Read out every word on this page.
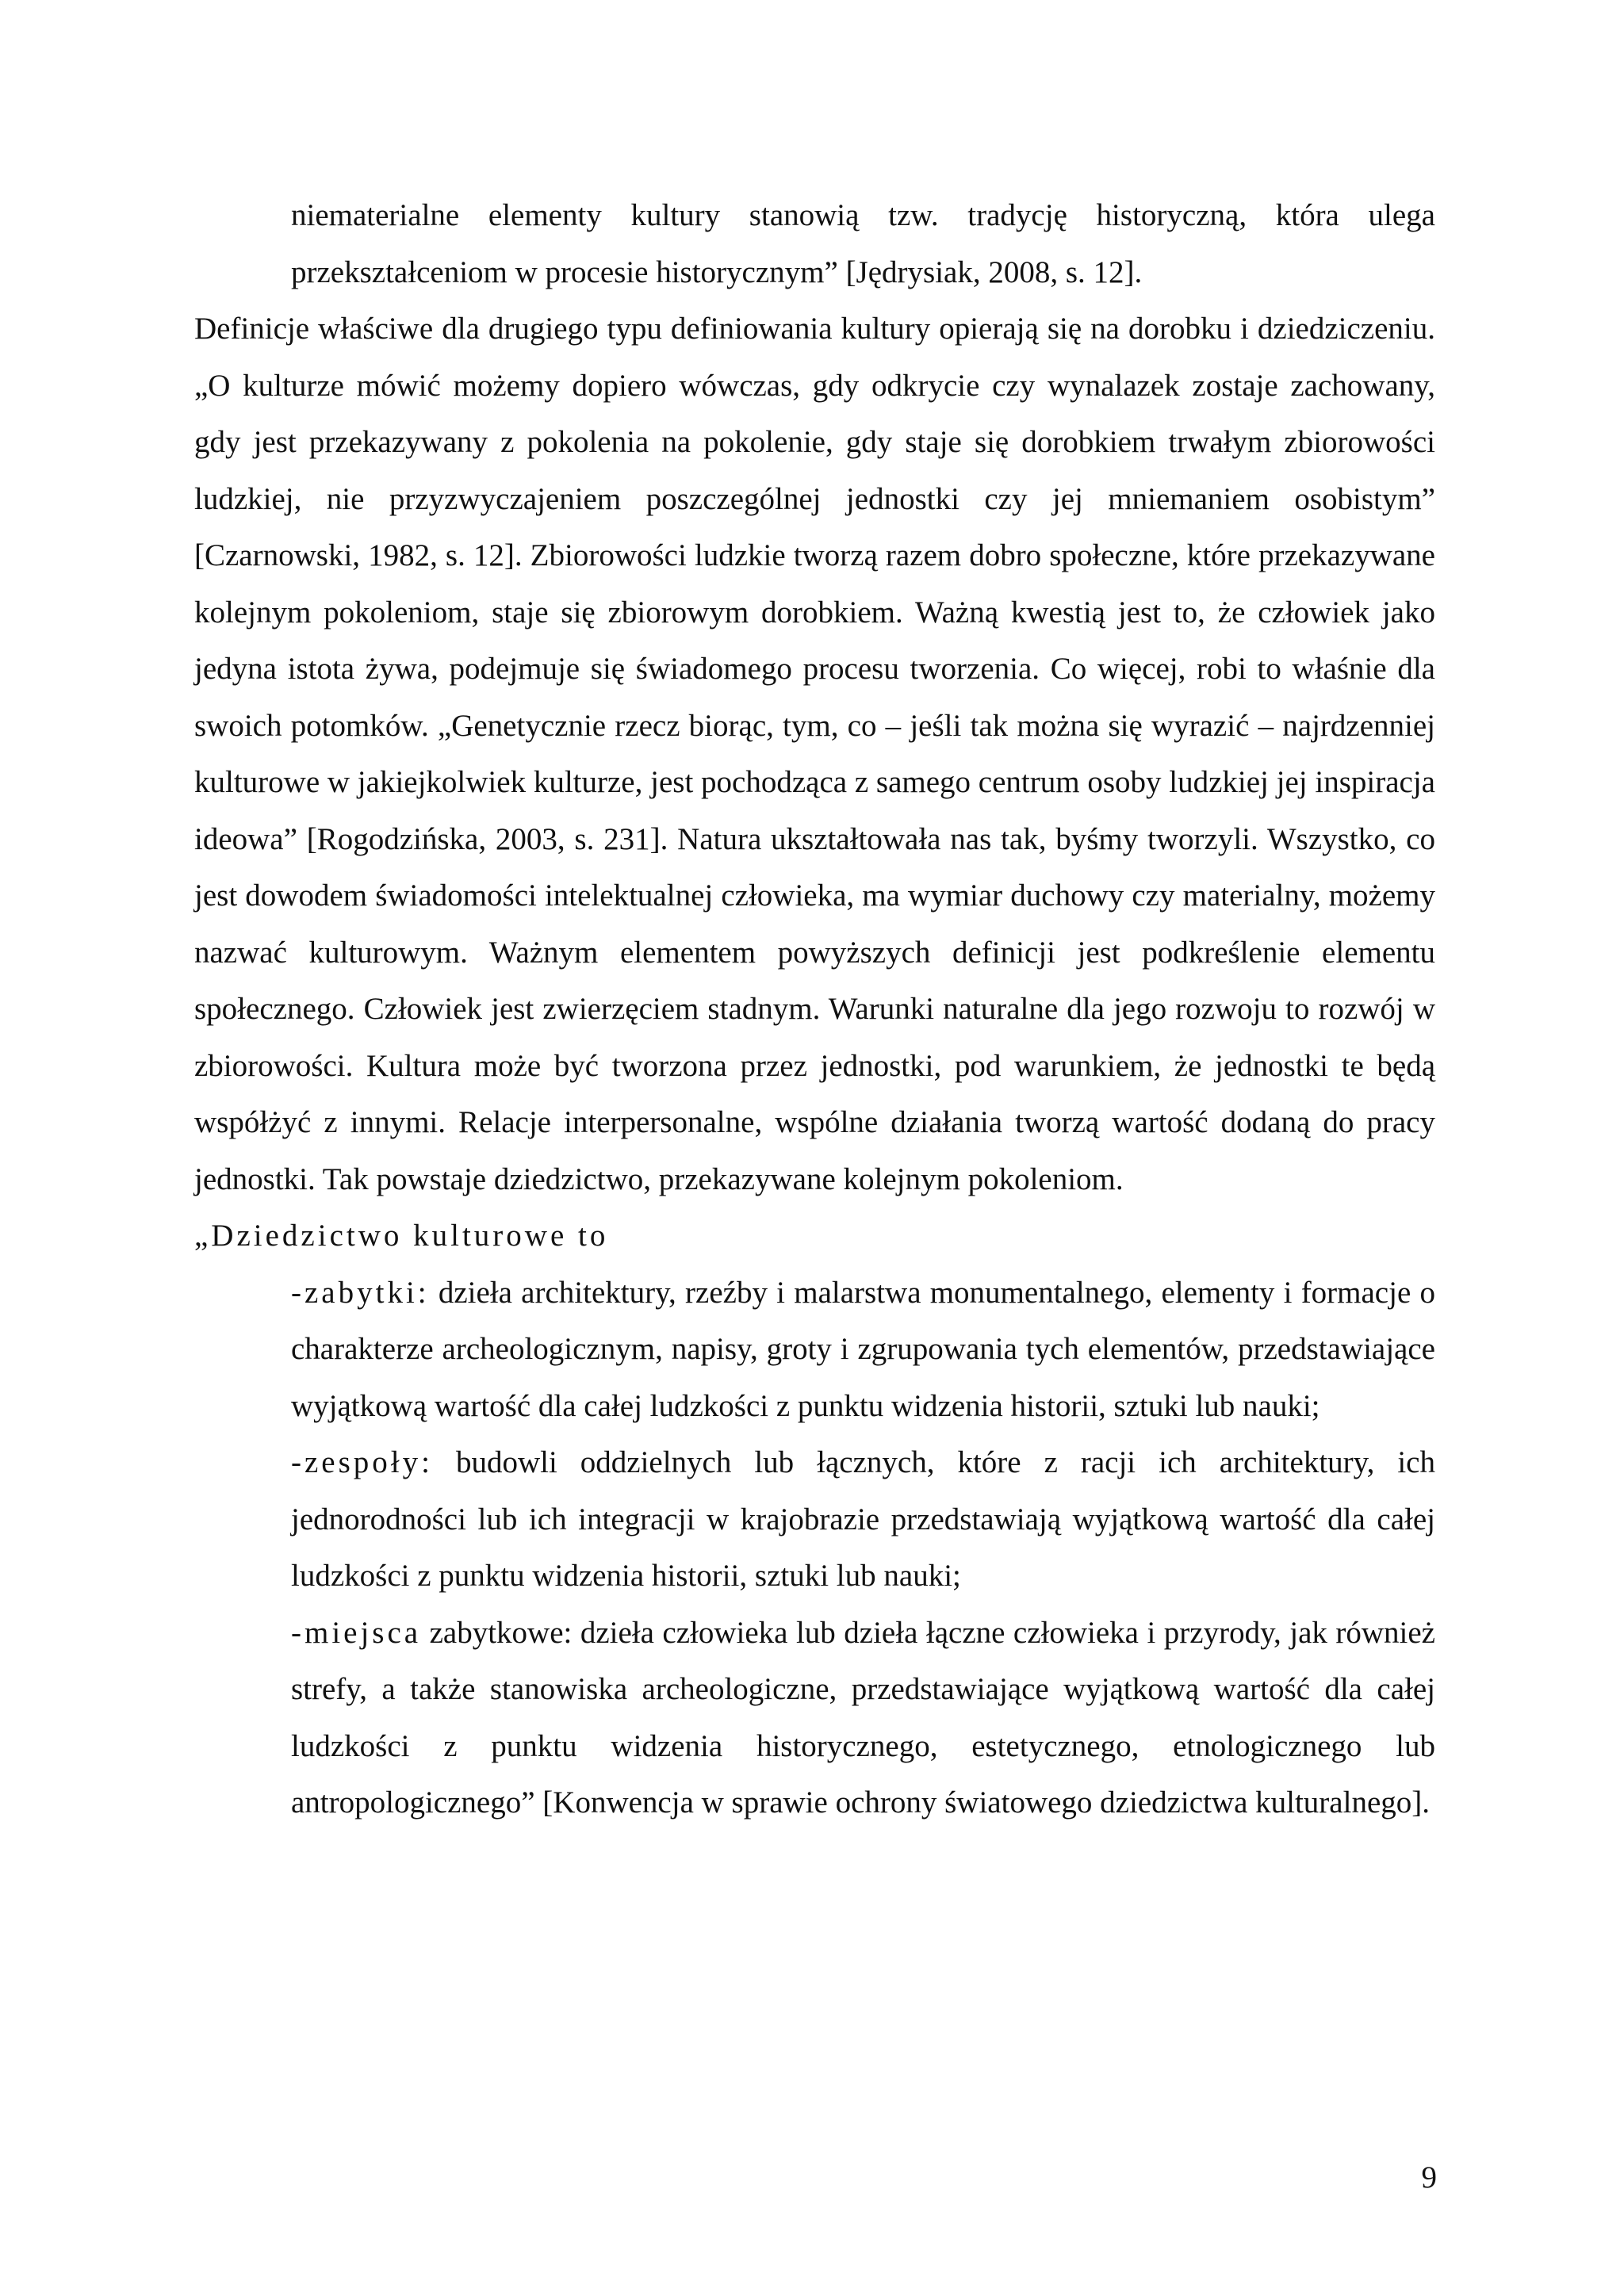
niematerialne elementy kultury stanowią tzw. tradycję historyczną, która ulega przekształceniom w procesie historycznym” [Jędrysiak, 2008, s. 12].

Definicje właściwe dla drugiego typu definiowania kultury opierają się na dorobku i dziedziczeniu. „O kulturze mówić możemy dopiero wówczas, gdy odkrycie czy wynalazek zostaje zachowany, gdy jest przekazywany z pokolenia na pokolenie, gdy staje się dorobkiem trwałym zbiorowości ludzkiej, nie przyzwyczajeniem poszczególnej jednostki czy jej mniemaniem osobistym” [Czarnowski, 1982, s. 12]. Zbiorowości ludzkie tworzą razem dobro społeczne, które przekazywane kolejnym pokoleniom, staje się zbiorowym dorobkiem. Ważną kwestią jest to, że człowiek jako jedyna istota żywa, podejmuje się świadomego procesu tworzenia. Co więcej, robi to właśnie dla swoich potomków. „Genetycznie rzecz biorąc, tym, co – jeśli tak można się wyrazić – najrdzenniej kulturowe w jakiejkolwiek kulturze, jest pochodząca z samego centrum osoby ludzkiej jej inspiracja ideowa” [Rogodzińska, 2003, s. 231]. Natura ukształtowała nas tak, byśmy tworzyli. Wszystko, co jest dowodem świadomości intelektualnej człowieka, ma wymiar duchowy czy materialny, możemy nazwać kulturowym. Ważnym elementem powyższych definicji jest podkreślenie elementu społecznego. Człowiek jest zwierzęciem stadnym. Warunki naturalne dla jego rozwoju to rozwój w zbiorowości. Kultura może być tworzona przez jednostki, pod warunkiem, że jednostki te będą współżyć z innymi. Relacje interpersonalne, wspólne działania tworzą wartość dodaną do pracy jednostki. Tak powstaje dziedzictwo, przekazywane kolejnym pokoleniom.

„Dziedzictwo kulturowe to

-zabytki: dzieła architektury, rzeźby i malarstwa monumentalnego, elementy i formacje o charakterze archeologicznym, napisy, groty i zgrupowania tych elementów, przedstawiające wyjątkową wartość dla całej ludzkości z punktu widzenia historii, sztuki lub nauki;

-zespoły: budowli oddzielnych lub łącznych, które z racji ich architektury, ich jednorodności lub ich integracji w krajobrazie przedstawiają wyjątkową wartość dla całej ludzkości z punktu widzenia historii, sztuki lub nauki;

-miejsca zabytkowe: dzieła człowieka lub dzieła łączne człowieka i przyrody, jak również strefy, a także stanowiska archeologiczne, przedstawiające wyjątkową wartość dla całej ludzkości z punktu widzenia historycznego, estetycznego, etnologicznego lub antropologicznego” [Konwencja w sprawie ochrony światowego dziedzictwa kulturalnego].

9
